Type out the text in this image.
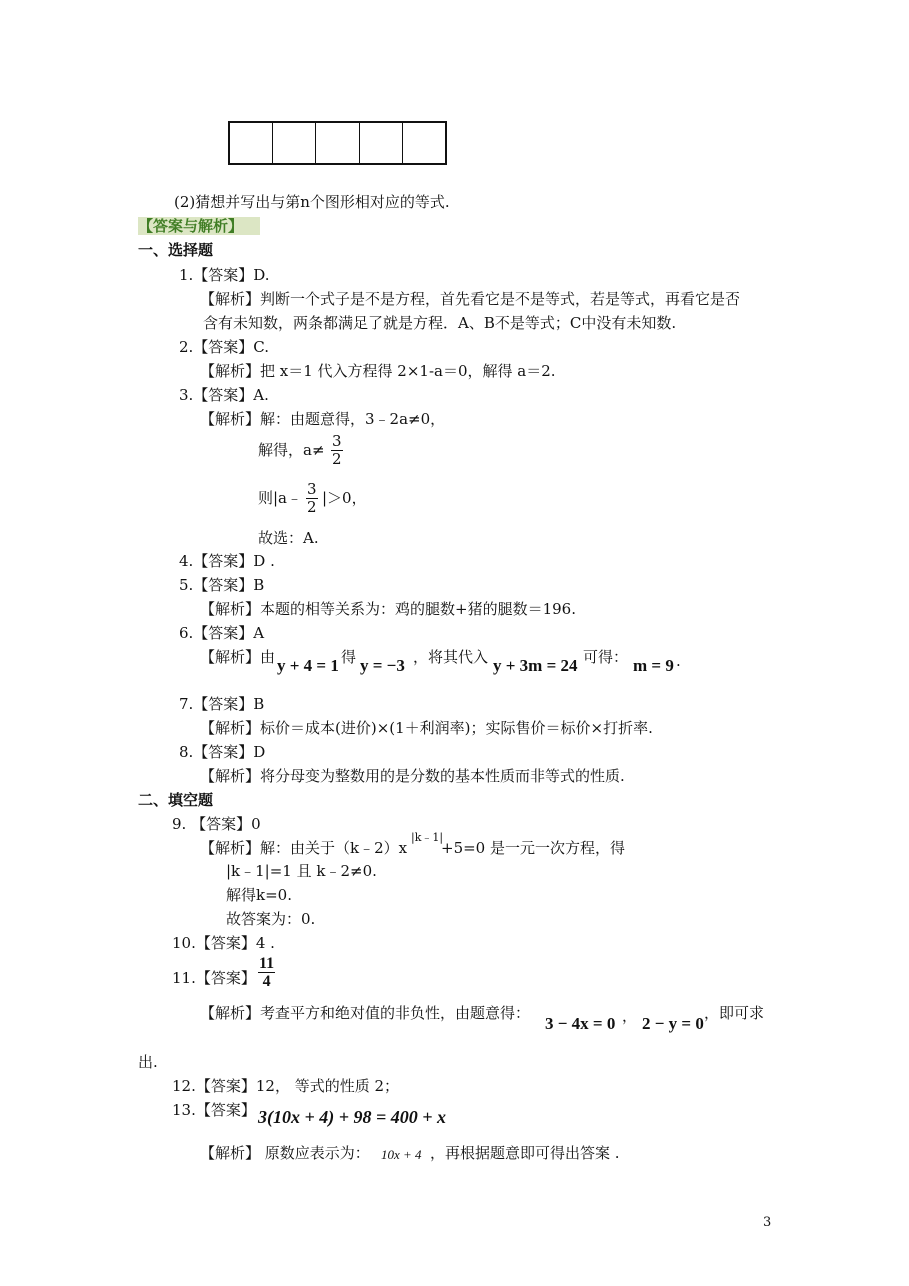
(2)猜想并写出与第n个图形相对应的等式.
【答案与解析】
一、选择题
1.【答案】D.
【解析】判断一个式子是不是方程，首先看它是不是等式，若是等式，再看它是否
含有未知数，两条都满足了就是方程．A、B不是等式；C中没有未知数.
2.【答案】C.
【解析】把 x＝1 代入方程得 2×1-a＝0，解得 a＝2.
3.【答案】A.
【解析】解：由题意得，3﹣2a≠0，
解得，$a\ne \frac{3}{2}$
则|a﹣ $\frac{3}{2} |>0$，
故选：A.
4.【答案】D .
5.【答案】B
【解析】本题的相等关系为：鸡的腿数+猪的腿数＝196.
6.【答案】A
【解析】由 y + 4 = 1 得 y = −3 ，将其代入 y + 3m = 24 可得： m = 9 .
7.【答案】B
【解析】标价＝成本(进价)×(1＋利润率)；实际售价＝标价×打折率.
8.【答案】D
【解析】将分母变为整数用的是分数的基本性质而非等式的性质.
二、填空题
9. 【答案】0
【解析】解：由关于（k﹣2）x
|k﹣1|
+5=0 是一元一次方程，得
|k﹣1|=1 且 k﹣2≠0.
解得k=0.
故答案为：0.
10.【答案】4 .
11.【答案】 $\frac{11}{4}$
【解析】考查平方和绝对值的非负性，由题意得：
3 − 4x = 0 ， 2 − y = 0
，即可求
出.
12.【答案】12， 等式的性质 2；
13.【答案】 3(10x + 4) + 98 = 400 + x
【解析】 原数应表示为： 10x + 4 ，再根据题意即可得出答案 .
3
